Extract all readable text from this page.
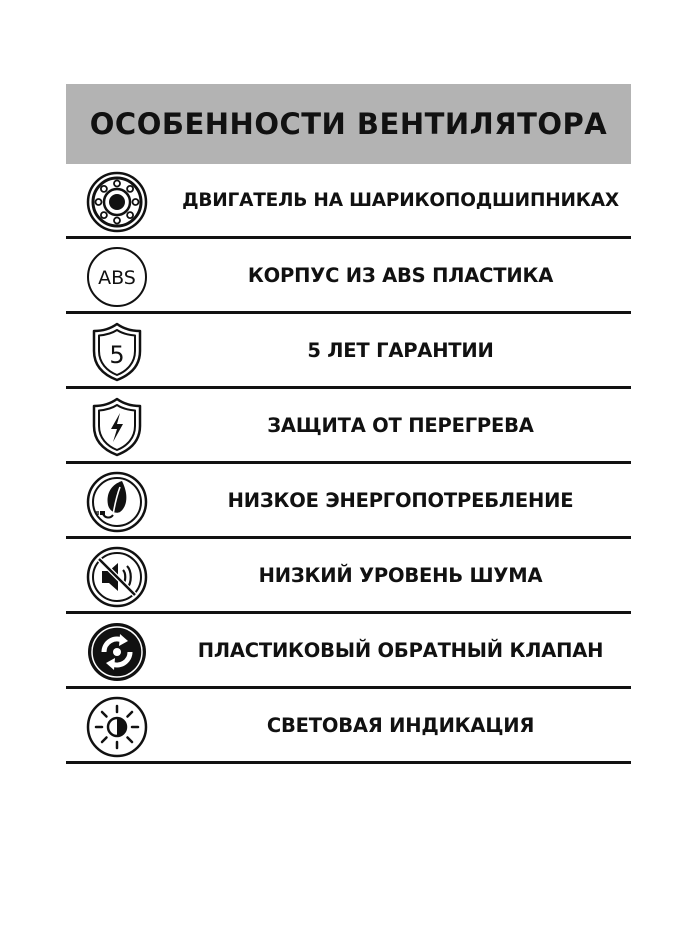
ОСОБЕННОСТИ ВЕНТИЛЯТОРА
ДВИГАТЕЛЬ НА ШАРИКОПОДШИПНИКАХ
ABS	КОРПУС ИЗ ABS ПЛАСТИКА
5	5 ЛЕТ ГАРАНТИИ
ЗАЩИТА ОТ ПЕРЕГРЕВА
НИЗКОЕ ЭНЕРГОПОТРЕБЛЕНИЕ
НИЗКИЙ УРОВЕНЬ ШУМА
ПЛАСТИКОВЫЙ ОБРАТНЫЙ КЛАПАН
СВЕТОВАЯ ИНДИКАЦИЯ
